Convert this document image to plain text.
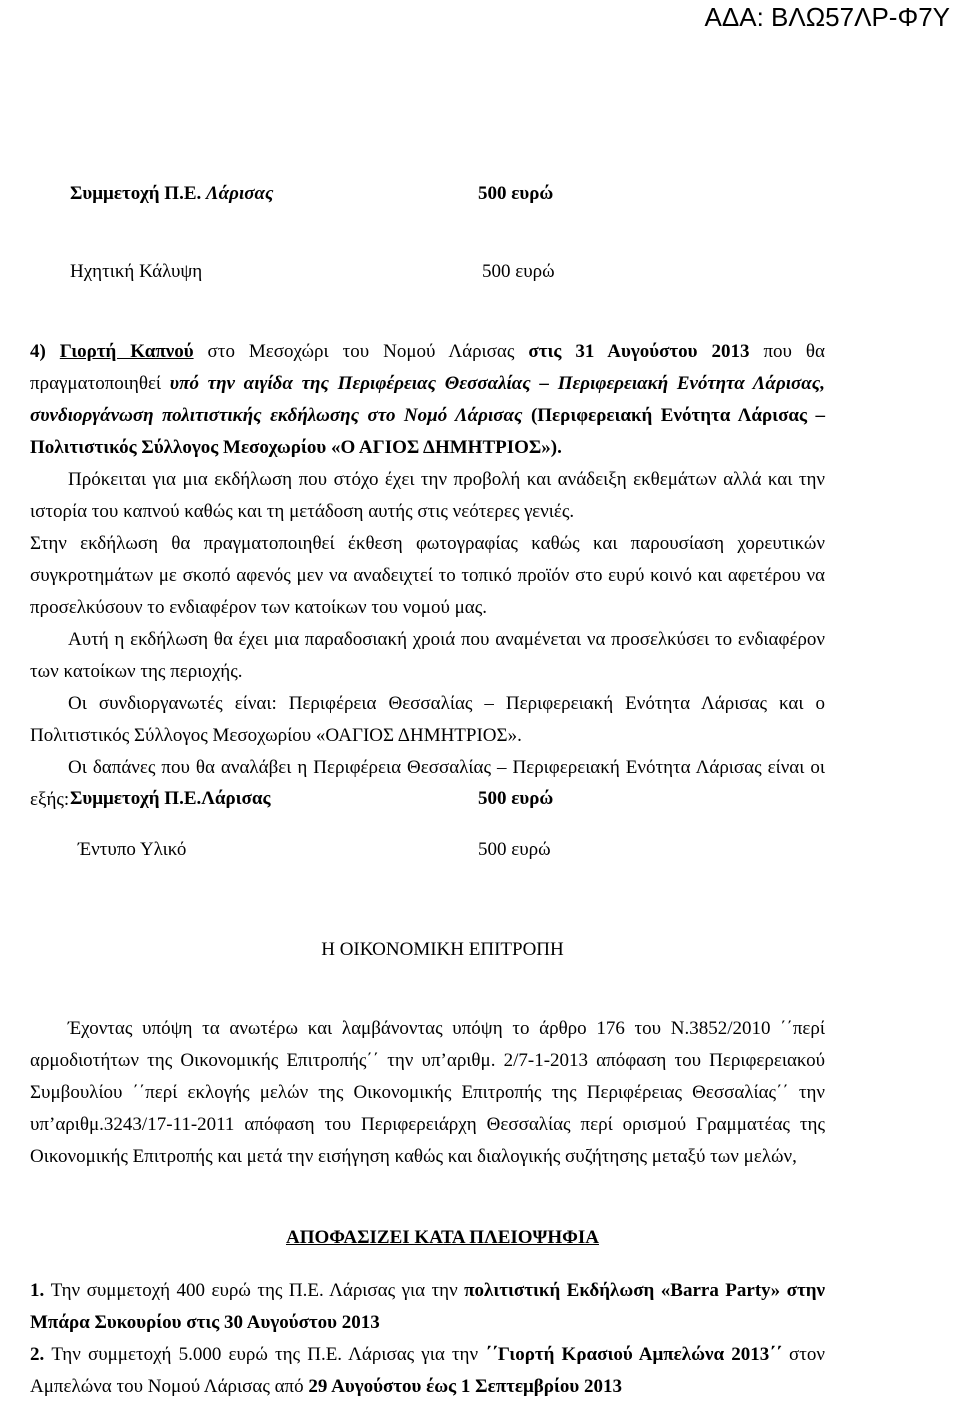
ΑΔΑ: ΒΛΩ57ΛΡ-Φ7Υ
Συμμετοχή Π.Ε. Λάρισας	500 ευρώ
Ηχητική Κάλυψη	500 ευρώ

4) Γιορτή Καπνού στο Μεσοχώρι του Νομού Λάρισας στις 31 Αυγούστου 2013 που θα πραγματοποιηθεί υπό την αιγίδα της Περιφέρειας Θεσσαλίας – Περιφερειακή Ενότητα Λάρισας, συνδιοργάνωση πολιτιστικής εκδήλωσης στο Νομό Λάρισας (Περιφερειακή Ενότητα Λάρισας – Πολιτιστικός Σύλλογος Μεσοχωρίου «Ο ΑΓΙΟΣ ΔΗΜΗΤΡΙΟΣ»).

Πρόκειται για μια εκδήλωση που στόχο έχει την προβολή και ανάδειξη εκθεμάτων αλλά και την ιστορία του καπνού καθώς και τη μετάδοση αυτής στις νεότερες γενιές.

Στην εκδήλωση θα πραγματοποιηθεί έκθεση φωτογραφίας καθώς και παρουσίαση χορευτικών συγκροτημάτων με σκοπό αφενός μεν να αναδειχτεί το τοπικό προϊόν στο ευρύ κοινό και αφετέρου να προσελκύσουν το ενδιαφέρον των κατοίκων του νομού μας.

Αυτή η εκδήλωση θα έχει μια παραδοσιακή χροιά που αναμένεται να προσελκύσει το ενδιαφέρον των κατοίκων της περιοχής.

Οι συνδιοργανωτές είναι: Περιφέρεια Θεσσαλίας – Περιφερειακή Ενότητα Λάρισας και ο Πολιτιστικός Σύλλογος Μεσοχωρίου «ΟΑΓΙΟΣ ΔΗΜΗΤΡΙΟΣ».

Οι δαπάνες που θα αναλάβει η Περιφέρεια Θεσσαλίας – Περιφερειακή Ενότητα Λάρισας είναι οι εξής: Συμμετοχή Π.Ε.Λάρισας	500 ευρώ
Έντυπο Υλικό	500 ευρώ

Η ΟΙΚΟΝΟΜΙΚΗ ΕΠΙΤΡΟΠΗ

Έχοντας υπόψη τα ανωτέρω και λαμβάνοντας υπόψη το άρθρο 176 του Ν.3852/2010 ΄΄περί αρμοδιοτήτων της Οικονομικής Επιτροπής΄΄ την υπ’αριθμ. 2/7-1-2013 απόφαση του Περιφερειακού Συμβουλίου ΄΄περί εκλογής μελών της Οικονομικής Επιτροπής της Περιφέρειας Θεσσαλίας΄΄ την υπ’αριθμ.3243/17-11-2011 απόφαση του Περιφερειάρχη Θεσσαλίας περί ορισμού Γραμματέας της Οικονομικής Επιτροπής και μετά την εισήγηση καθώς και διαλογικής συζήτησης μεταξύ των μελών,

ΑΠΟΦΑΣΙΖΕΙ ΚΑΤΑ ΠΛΕΙΟΨΗΦΙΑ

1. Την συμμετοχή 400 ευρώ της Π.Ε. Λάρισας για την πολιτιστική Εκδήλωση «Barra Party» στην Μπάρα Συκουρίου στις 30 Αυγούστου 2013

2. Την συμμετοχή 5.000 ευρώ της Π.Ε. Λάρισας για την ΄΄Γιορτή Κρασιού Αμπελώνα 2013΄΄ στον Αμπελώνα του Νομού Λάρισας από 29 Αυγούστου έως 1 Σεπτεμβρίου 2013
